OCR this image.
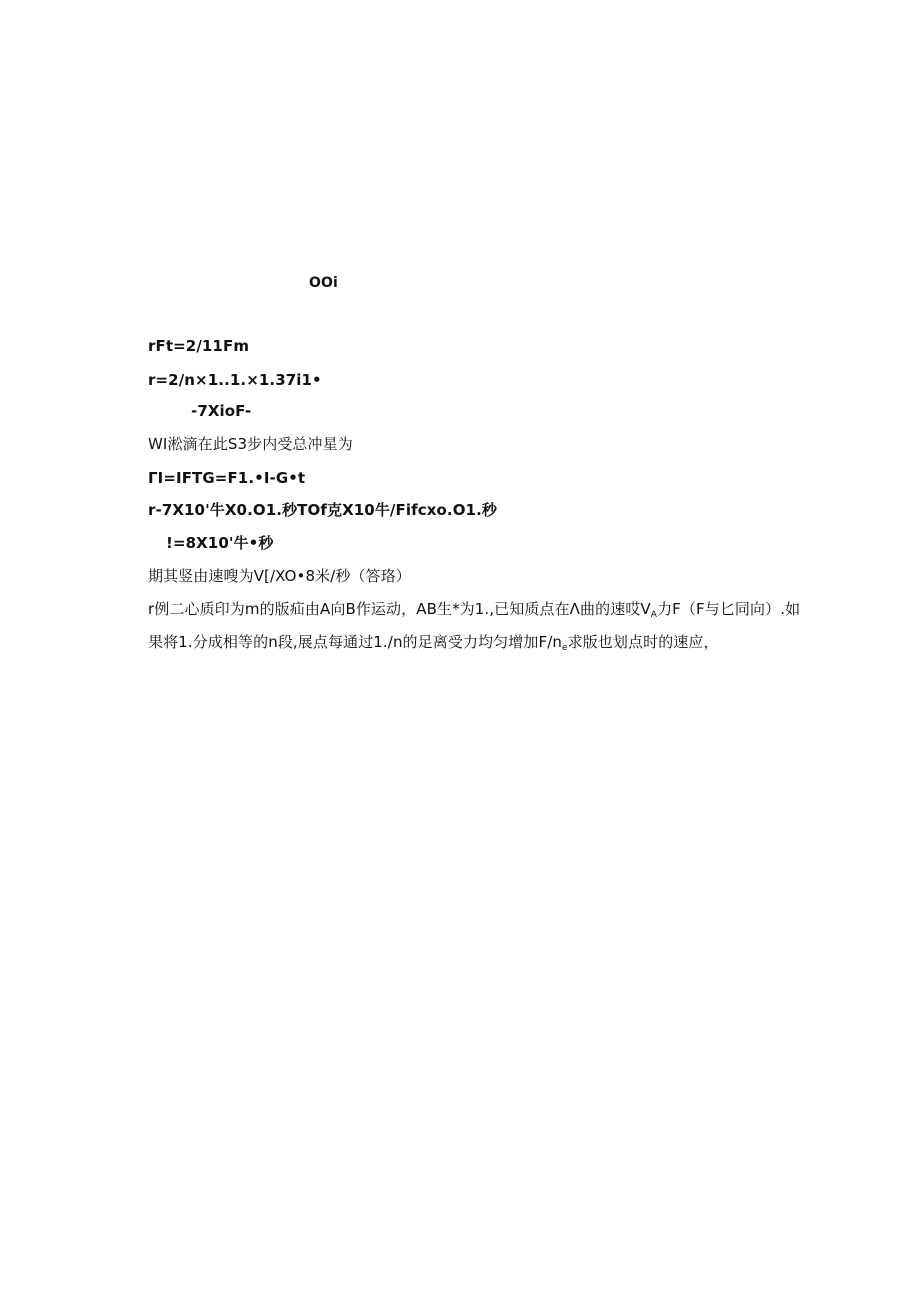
OOi
rFt=2/11Fm
r=2/n×1..1.×1.37i1•
-7XioF-
WI淞滴在此S3步内受总冲星为
ΓI=IFTG=F1.•I-G•t
r-7X10'牛X0.O1.秒TOf克X10牛/Fifcxo.O1.秒
!=8X10'牛•秒
期其竖由速嗖为V[/XO•8米/秒（答珞）
r例二心质印为m的版疝由A向B作运动，AB生*为1.,已知质点在Λ曲的速哎$V_A$力F（F与匕同向）.如
果将1.分成相等的n段,展点每通过1./n的足离受力均匀增加$F/n_e$求版也划点时的速应，
